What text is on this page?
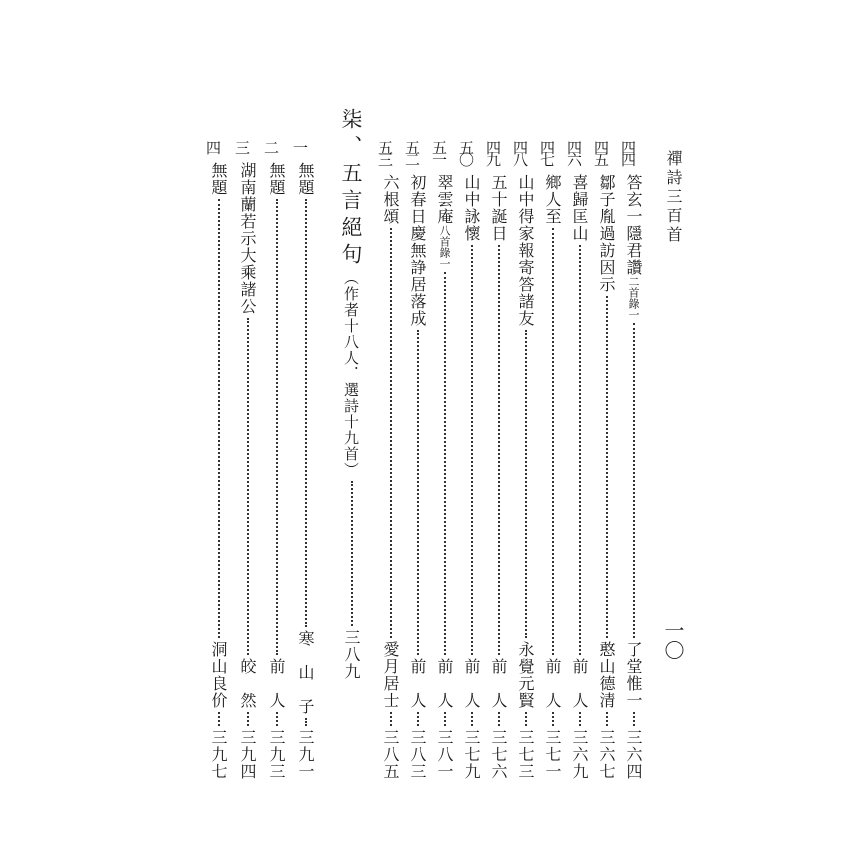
禪詩三百首
一〇
四四
答玄一隱君讚二首錄一
了堂惟一
三六四
四五
鄒子胤過訪因示
憨山德清
三六七
四六
喜歸匡山
前　人
三六九
四七
鄉人至
前　人
三七一
四八
山中得家報寄答諸友
永覺元賢
三七三
四九
五十誕日
前　人
三七六
五〇
山中詠懷
前　人
三七九
五一
翠雲庵八首錄一
前　人
三八一
五二
初春日慶無諍居落成
前　人
三八三
五三
六根頌
愛月居士
三八五
柒、五言絕句（作者十八人．選詩十九首）
三八九
一
無題
寒　山　子
三九一
二
無題
前　人
三九三
三
湖南蘭若示大乘諸公
皎　然
三九四
四
無題
洞山良价
三九七
